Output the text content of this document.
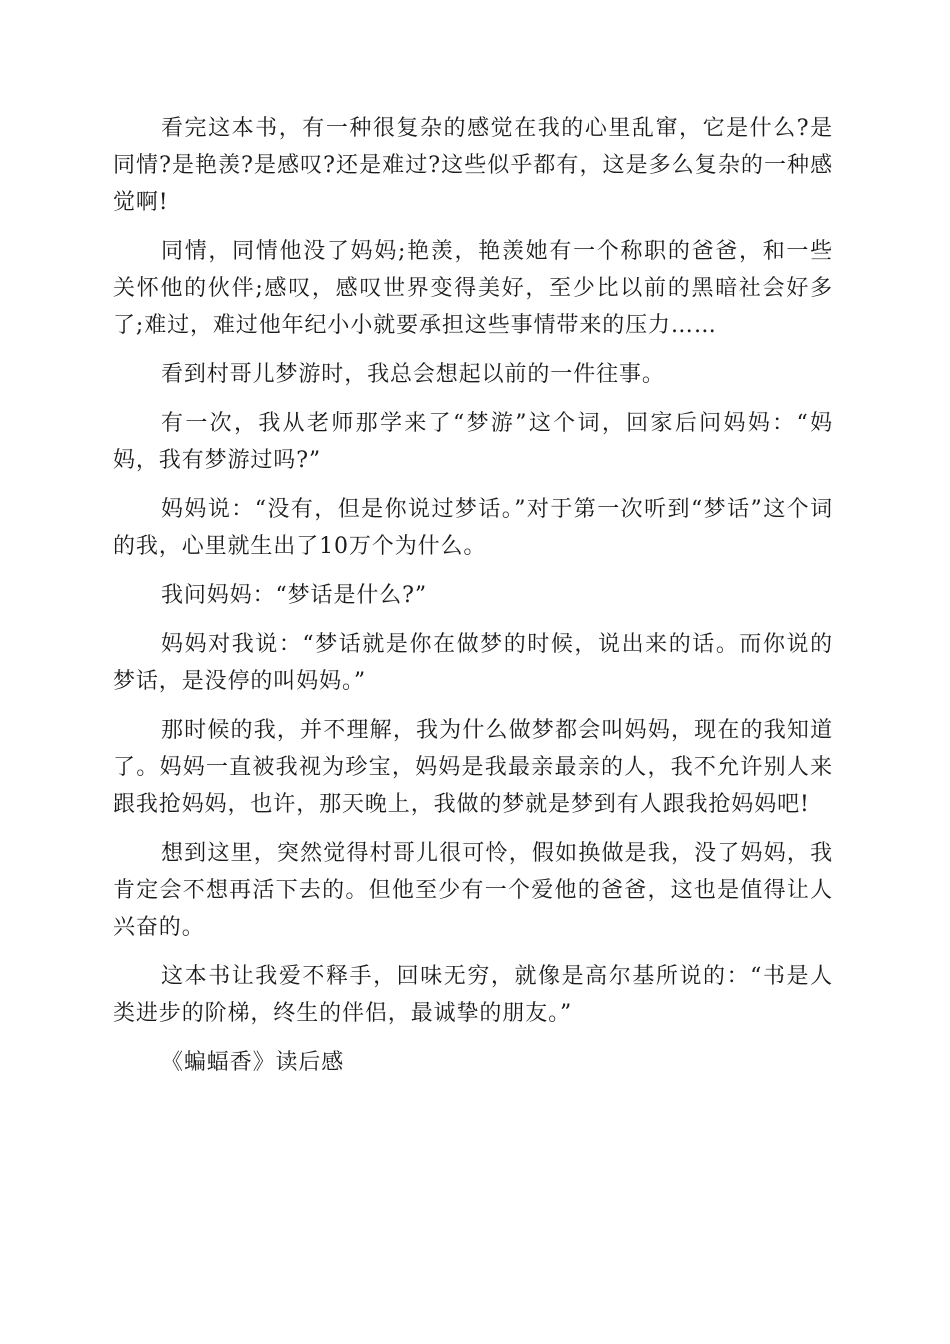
看完这本书，有一种很复杂的感觉在我的心里乱窜，它是什么?是同情?是艳羡?是感叹?还是难过?这些似乎都有，这是多么复杂的一种感觉啊!

同情，同情他没了妈妈;艳羡，艳羡她有一个称职的爸爸，和一些关怀他的伙伴;感叹，感叹世界变得美好，至少比以前的黑暗社会好多了;难过，难过他年纪小小就要承担这些事情带来的压力……

看到村哥儿梦游时，我总会想起以前的一件往事。

有一次，我从老师那学来了“梦游”这个词，回家后问妈妈：“妈妈，我有梦游过吗?”

妈妈说：“没有，但是你说过梦话。”对于第一次听到“梦话”这个词的我，心里就生出了10万个为什么。

我问妈妈：“梦话是什么?”

妈妈对我说：“梦话就是你在做梦的时候，说出来的话。而你说的梦话，是没停的叫妈妈。”

那时候的我，并不理解，我为什么做梦都会叫妈妈，现在的我知道了。妈妈一直被我视为珍宝，妈妈是我最亲最亲的人，我不允许别人来跟我抢妈妈，也许，那天晚上，我做的梦就是梦到有人跟我抢妈妈吧!

想到这里，突然觉得村哥儿很可怜，假如换做是我，没了妈妈，我肯定会不想再活下去的。但他至少有一个爱他的爸爸，这也是值得让人兴奋的。

这本书让我爱不释手，回味无穷，就像是高尔基所说的：“书是人类进步的阶梯，终生的伴侣，最诚挚的朋友。”

《蝙蝠香》读后感
